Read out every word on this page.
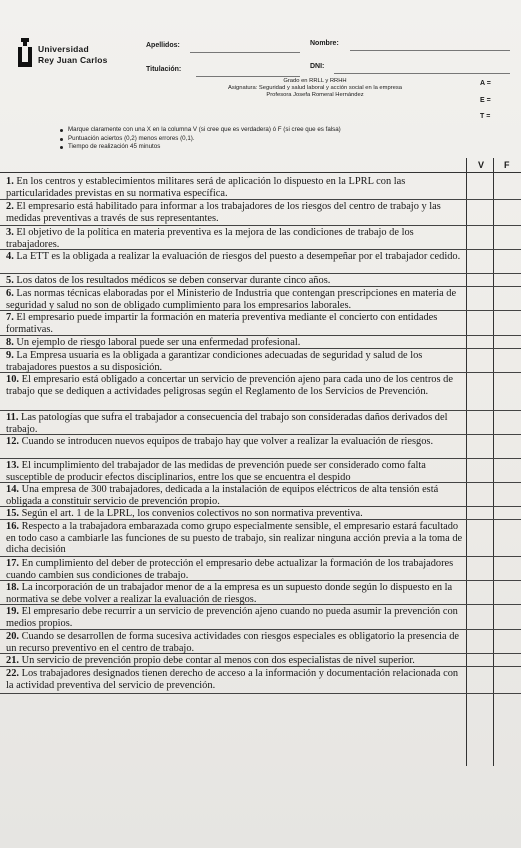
Universidad
Rey Juan Carlos
Apellidos:	Nombre:
Titulación:	DNI:
Grado en RRLL y RRHH
Asignatura: Seguridad y salud laboral y acción social en la empresa
Profesora Josefa Romeral Hernández
A =
E =
T =
Marque claramente con una X en la columna V (si cree que es verdadera) ó F (si cree que es falsa)
Puntuación aciertos (0,2) menos errores (0,1).
Tiempo de realización 45 minutos
V F
1. En los centros y establecimientos militares será de aplicación lo dispuesto en la LPRL con las particularidades previstas en su normativa específica.
2. El empresario está habilitado para informar a los trabajadores de los riesgos del centro de trabajo y las medidas preventivas a través de sus representantes.
3. El objetivo de la política en materia preventiva es la mejora de las condiciones de trabajo de los trabajadores.
4. La ETT es la obligada a realizar la evaluación de riesgos del puesto a desempeñar por el trabajador cedido.
5. Los datos de los resultados médicos se deben conservar durante cinco años.
6. Las normas técnicas elaboradas por el Ministerio de Industria que contengan prescripciones en materia de seguridad y salud no son de obligado cumplimiento para los empresarios laborales.
7. El empresario puede impartir la formación en materia preventiva mediante el concierto con entidades formativas.
8. Un ejemplo de riesgo laboral puede ser una enfermedad profesional.
9. La Empresa usuaria es la obligada a garantizar condiciones adecuadas de seguridad y salud de los trabajadores puestos a su disposición.
10. El empresario está obligado a concertar un servicio de prevención ajeno para cada uno de los centros de trabajo que se dediquen a actividades peligrosas según el Reglamento de los Servicios de Prevención.
11. Las patologías que sufra el trabajador a consecuencia del trabajo son consideradas daños derivados del trabajo.
12. Cuando se introducen nuevos equipos de trabajo hay que volver a realizar la evaluación de riesgos.
13. El incumplimiento del trabajador de las medidas de prevención puede ser considerado como falta susceptible de producir efectos disciplinarios, entre los que se encuentra el despido
14. Una empresa de 300 trabajadores, dedicada a la instalación de equipos eléctricos de alta tensión está obligada a constituir servicio de prevención propio.
15. Según el art. 1 de la LPRL, los convenios colectivos no son normativa preventiva.
16. Respecto a la trabajadora embarazada como grupo especialmente sensible, el empresario estará facultado en todo caso a cambiarle las funciones de su puesto de trabajo, sin realizar ninguna acción previa a la toma de dicha decisión
17. En cumplimiento del deber de protección el empresario debe actualizar la formación de los trabajadores cuando cambien sus condiciones de trabajo.
18. La incorporación de un trabajador menor de a la empresa es un supuesto donde según lo dispuesto en la normativa se debe volver a realizar la evaluación de riesgos.
19. El empresario debe recurrir a un servicio de prevención ajeno cuando no pueda asumir la prevención con medios propios.
20. Cuando se desarrollen de forma sucesiva actividades con riesgos especiales es obligatorio la presencia de un recurso preventivo en el centro de trabajo.
21. Un servicio de prevención propio debe contar al menos con dos especialistas de nivel superior.
22. Los trabajadores designados tienen derecho de acceso a la información y documentación relacionada con la actividad preventiva del servicio de prevención.
